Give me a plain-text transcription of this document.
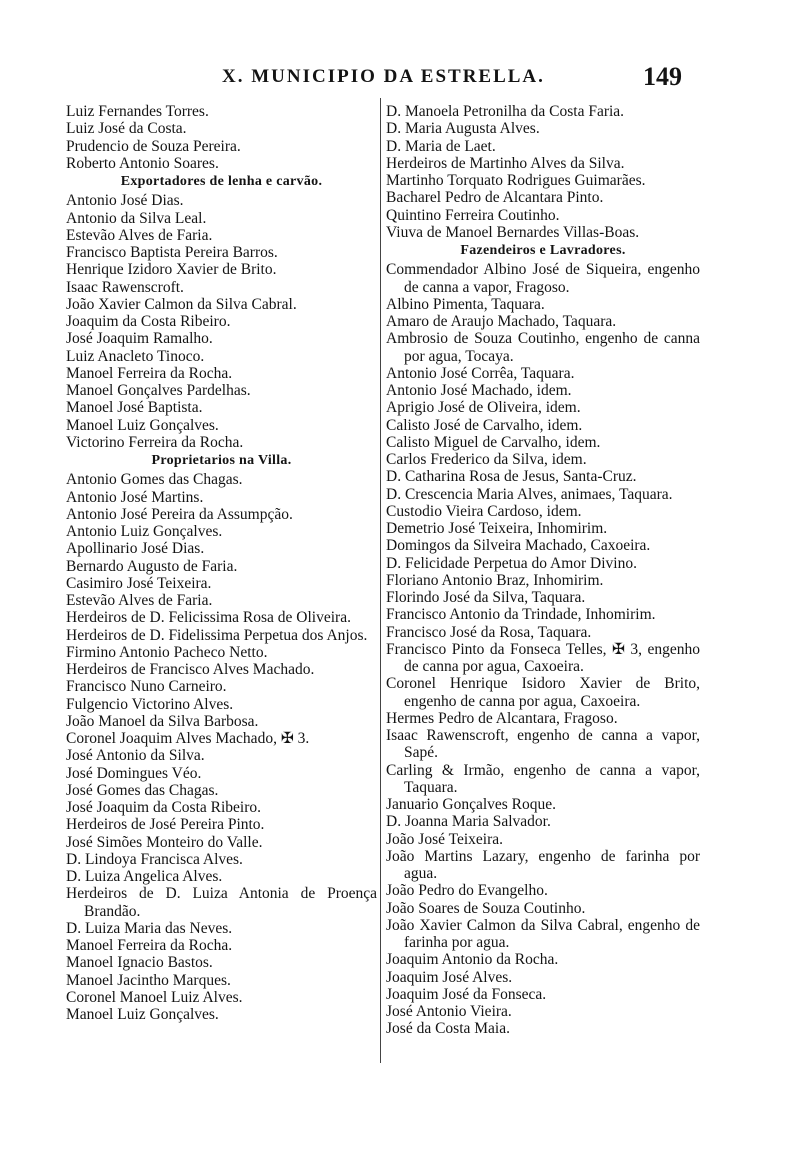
X. MUNICIPIO DA ESTRELLA.	149
Luiz Fernandes Torres.
Luiz José da Costa.
Prudencio de Souza Pereira.
Roberto Antonio Soares.
Exportadores de lenha e carvão.
Antonio José Dias.
Antonio da Silva Leal.
Estevão Alves de Faria.
Francisco Baptista Pereira Barros.
Henrique Izidoro Xavier de Brito.
Isaac Rawenscroft.
João Xavier Calmon da Silva Cabral.
Joaquim da Costa Ribeiro.
José Joaquim Ramalho.
Luiz Anacleto Tinoco.
Manoel Ferreira da Rocha.
Manoel Gonçalves Pardelhas.
Manoel José Baptista.
Manoel Luiz Gonçalves.
Victorino Ferreira da Rocha.
Proprietarios na Villa.
Antonio Gomes das Chagas.
Antonio José Martins.
Antonio José Pereira da Assumpção.
Antonio Luiz Gonçalves.
Apollinario José Dias.
Bernardo Augusto de Faria.
Casimiro José Teixeira.
Estevão Alves de Faria.
Herdeiros de D. Felicissima Rosa de Oliveira.
Herdeiros de D. Fidelissima Perpetua dos Anjos.
Firmino Antonio Pacheco Netto.
Herdeiros de Francisco Alves Machado.
Francisco Nuno Carneiro.
Fulgencio Victorino Alves.
João Manoel da Silva Barbosa.
Coronel Joaquim Alves Machado, ✠ 3.
José Antonio da Silva.
José Domingues Véo.
José Gomes das Chagas.
José Joaquim da Costa Ribeiro.
Herdeiros de José Pereira Pinto.
José Simões Monteiro do Valle.
D. Lindoya Francisca Alves.
D. Luiza Angelica Alves.
Herdeiros de D. Luiza Antonia de Proença Brandão.
D. Luiza Maria das Neves.
Manoel Ferreira da Rocha.
Manoel Ignacio Bastos.
Manoel Jacintho Marques.
Coronel Manoel Luiz Alves.
Manoel Luiz Gonçalves.
D. Manoela Petronilha da Costa Faria.
D. Maria Augusta Alves.
D. Maria de Laet.
Herdeiros de Martinho Alves da Silva.
Martinho Torquato Rodrigues Guimarães.
Bacharel Pedro de Alcantara Pinto.
Quintino Ferreira Coutinho.
Viuva de Manoel Bernardes Villas-Boas.
Fazendeiros e Lavradores.
Commendador Albino José de Siqueira, engenho de canna a vapor, Fragoso.
Albino Pimenta, Taquara.
Amaro de Araujo Machado, Taquara.
Ambrosio de Souza Coutinho, engenho de canna por agua, Tocaya.
Antonio José Corrêa, Taquara.
Antonio José Machado, idem.
Aprigio José de Oliveira, idem.
Calisto José de Carvalho, idem.
Calisto Miguel de Carvalho, idem.
Carlos Frederico da Silva, idem.
D. Catharina Rosa de Jesus, Santa-Cruz.
D. Crescencia Maria Alves, animaes, Taquara.
Custodio Vieira Cardoso, idem.
Demetrio José Teixeira, Inhomirim.
Domingos da Silveira Machado, Caxoeira.
D. Felicidade Perpetua do Amor Divino.
Floriano Antonio Braz, Inhomirim.
Florindo José da Silva, Taquara.
Francisco Antonio da Trindade, Inhomirim.
Francisco José da Rosa, Taquara.
Francisco Pinto da Fonseca Telles, ✠ 3, engenho de canna por agua, Caxoeira.
Coronel Henrique Isidoro Xavier de Brito, engenho de canna por agua, Caxoeira.
Hermes Pedro de Alcantara, Fragoso.
Isaac Rawenscroft, engenho de canna a vapor, Sapé.
Carling & Irmão, engenho de canna a vapor, Taquara.
Januario Gonçalves Roque.
D. Joanna Maria Salvador.
João José Teixeira.
João Martins Lazary, engenho de farinha por agua.
João Pedro do Evangelho.
João Soares de Souza Coutinho.
João Xavier Calmon da Silva Cabral, engenho de farinha por agua.
Joaquim Antonio da Rocha.
Joaquim José Alves.
Joaquim José da Fonseca.
José Antonio Vieira.
José da Costa Maia.
